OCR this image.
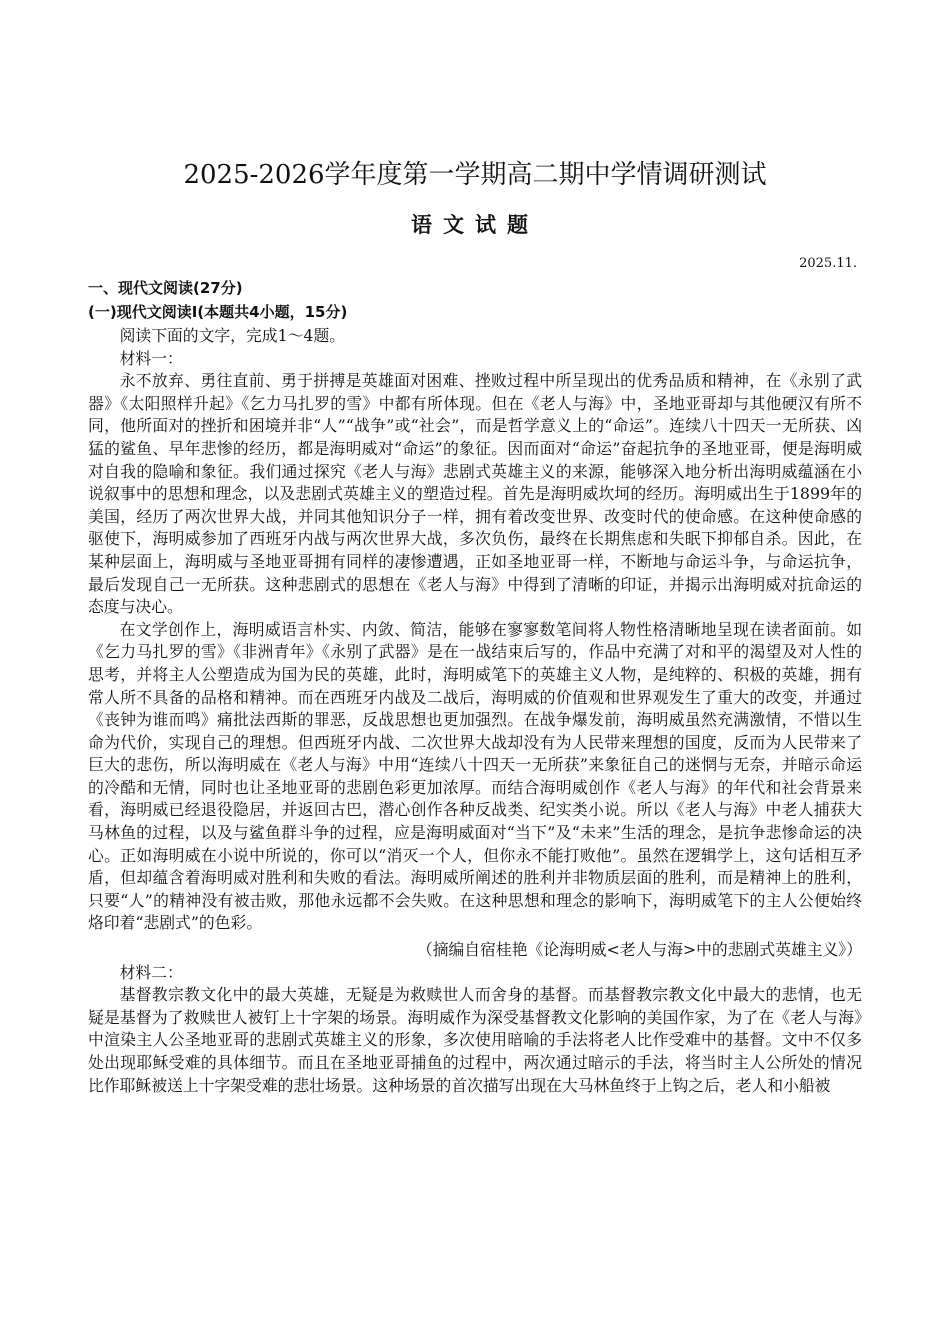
2025-2026学年度第一学期高二期中学情调研测试
语文试题
2025.11.

一、现代文阅读(27分)

(一)现代文阅读Ⅰ(本题共4小题，15分)

阅读下面的文字，完成1～4题。

材料一：

永不放弃、勇往直前、勇于拼搏是英雄面对困难、挫败过程中所呈现出的优秀品质和精神，在《永别了武器》《太阳照样升起》《乞力马扎罗的雪》中都有所体现。但在《老人与海》中，圣地亚哥却与其他硬汉有所不同，他所面对的挫折和困境并非“人”“战争”或“社会”，而是哲学意义上的“命运”。连续八十四天一无所获、凶猛的鲨鱼、早年悲惨的经历，都是海明威对“命运”的象征。因而面对“命运”奋起抗争的圣地亚哥，便是海明威对自我的隐喻和象征。我们通过探究《老人与海》悲剧式英雄主义的来源，能够深入地分析出海明威蕴涵在小说叙事中的思想和理念，以及悲剧式英雄主义的塑造过程。首先是海明威坎坷的经历。海明威出生于1899年的美国，经历了两次世界大战，并同其他知识分子一样，拥有着改变世界、改变时代的使命感。在这种使命感的驱使下，海明威参加了西班牙内战与两次世界大战，多次负伤，最终在长期焦虑和失眠下抑郁自杀。因此，在某种层面上，海明威与圣地亚哥拥有同样的凄惨遭遇，正如圣地亚哥一样，不断地与命运斗争，与命运抗争，最后发现自己一无所获。这种悲剧式的思想在《老人与海》中得到了清晰的印证，并揭示出海明威对抗命运的态度与决心。

在文学创作上，海明威语言朴实、内敛、简洁，能够在寥寥数笔间将人物性格清晰地呈现在读者面前。如《乞力马扎罗的雪》《非洲青年》《永别了武器》是在一战结束后写的，作品中充满了对和平的渴望及对人性的思考，并将主人公塑造成为国为民的英雄，此时，海明威笔下的英雄主义人物，是纯粹的、积极的英雄，拥有常人所不具备的品格和精神。而在西班牙内战及二战后，海明威的价值观和世界观发生了重大的改变，并通过《丧钟为谁而鸣》痛批法西斯的罪恶，反战思想也更加强烈。在战争爆发前，海明威虽然充满激情，不惜以生命为代价，实现自己的理想。但西班牙内战、二次世界大战却没有为人民带来理想的国度，反而为人民带来了巨大的悲伤，所以海明威在《老人与海》中用“连续八十四天一无所获”来象征自己的迷惘与无奈，并暗示命运的冷酷和无情，同时也让圣地亚哥的悲剧色彩更加浓厚。而结合海明威创作《老人与海》的年代和社会背景来看，海明威已经退役隐居，并返回古巴，潜心创作各种反战类、纪实类小说。所以《老人与海》中老人捕获大马林鱼的过程，以及与鲨鱼群斗争的过程，应是海明威面对“当下”及“未来”生活的理念，是抗争悲惨命运的决心。正如海明威在小说中所说的，你可以“消灭一个人，但你永不能打败他”。虽然在逻辑学上，这句话相互矛盾，但却蕴含着海明威对胜利和失败的看法。海明威所阐述的胜利并非物质层面的胜利，而是精神上的胜利，只要“人”的精神没有被击败，那他永远都不会失败。在这种思想和理念的影响下，海明威笔下的主人公便始终烙印着“悲剧式”的色彩。

（摘编自宿桂艳《论海明威<老人与海>中的悲剧式英雄主义》）

材料二：

基督教宗教文化中的最大英雄，无疑是为救赎世人而舍身的基督。而基督教宗教文化中最大的悲情，也无疑是基督为了救赎世人被钉上十字架的场景。海明威作为深受基督教文化影响的美国作家，为了在《老人与海》中渲染主人公圣地亚哥的悲剧式英雄主义的形象，多次使用暗喻的手法将老人比作受难中的基督。文中不仅多处出现耶稣受难的具体细节。而且在圣地亚哥捕鱼的过程中，两次通过暗示的手法，将当时主人公所处的情况比作耶稣被送上十字架受难的悲壮场景。这种场景的首次描写出现在大马林鱼终于上钩之后，老人和小船被
